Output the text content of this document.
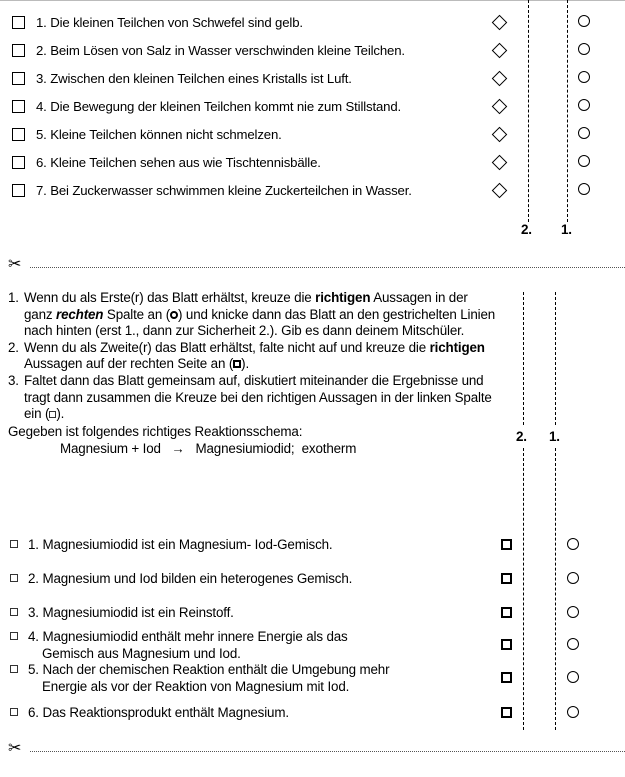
2. 1.
1. Die kleinen Teilchen von Schwefel sind gelb.
2. Beim Lösen von Salz in Wasser verschwinden kleine Teilchen.
3. Zwischen den kleinen Teilchen eines Kristalls ist Luft.
4. Die Bewegung der kleinen Teilchen kommt nie zum Stillstand.
5. Kleine Teilchen können nicht schmelzen.
6. Kleine Teilchen sehen aus wie Tischtennisbälle.
7. Bei Zuckerwasser schwimmen kleine Zuckerteilchen in Wasser.
✂
1. Wenn du als Erste(r) das Blatt erhältst, kreuze die richtigen Aussagen in der ganz rechten Spalte an ( ) und knicke dann das Blatt an den gestrichelten Linien nach hinten (erst 1., dann zur Sicherheit 2.). Gib es dann deinem Mitschüler.
2. Wenn du als Zweite(r) das Blatt erhältst, falte nicht auf und kreuze die richtigen Aussagen auf der rechten Seite an ( ).
3. Faltet dann das Blatt gemeinsam auf, diskutiert miteinander die Ergebnisse und tragt dann zusammen die Kreuze bei den richtigen Aussagen in der linken Spalte ein ( ).
Gegeben ist folgendes richtiges Reaktionsschema:
Magnesium + Iod   →   Magnesiumiodid;  exotherm
2. 1.
1. Magnesiumiodid ist ein Magnesium- Iod-Gemisch.
2. Magnesium und Iod bilden ein heterogenes Gemisch.
3. Magnesiumiodid ist ein Reinstoff.
4. Magnesiumiodid enthält mehr innere Energie als das
Gemisch aus Magnesium und Iod.
5. Nach der chemischen Reaktion enthält die Umgebung mehr
Energie als vor der Reaktion von Magnesium mit Iod.
6. Das Reaktionsprodukt enthält Magnesium.
✂
